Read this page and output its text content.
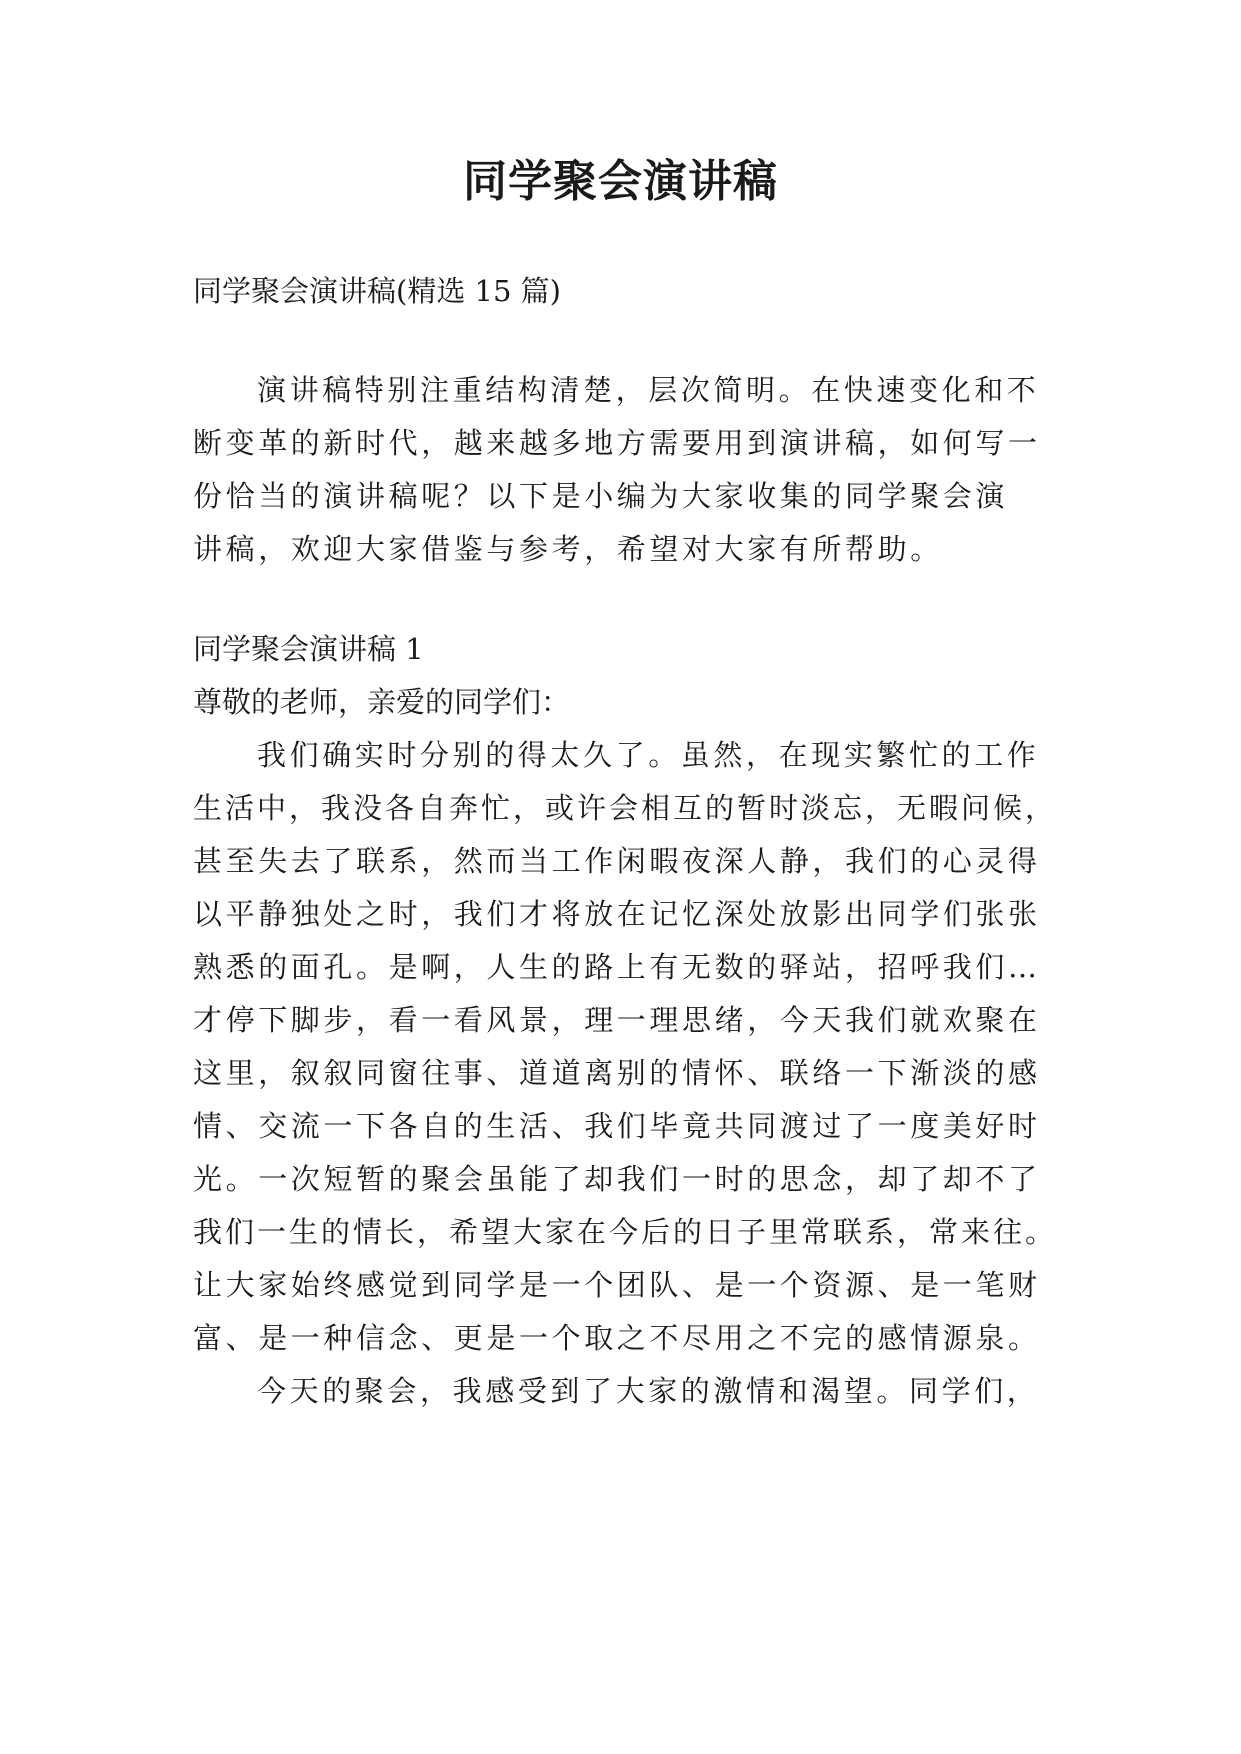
同学聚会演讲稿

同学聚会演讲稿(精选 15 篇)

演讲稿特别注重结构清楚，层次简明。在快速变化和不

断变革的新时代，越来越多地方需要用到演讲稿，如何写一

份恰当的演讲稿呢？以下是小编为大家收集的同学聚会演

讲稿，欢迎大家借鉴与参考，希望对大家有所帮助。

同学聚会演讲稿 1

尊敬的老师，亲爱的同学们：

我们确实时分别的得太久了。虽然，在现实繁忙的工作

生活中，我没各自奔忙，或许会相互的暂时淡忘，无暇问候，

甚至失去了联系，然而当工作闲暇夜深人静，我们的心灵得

以平静独处之时，我们才将放在记忆深处放影出同学们张张

熟悉的面孔。是啊，人生的路上有无数的驿站，招呼我们…

才停下脚步，看一看风景，理一理思绪，今天我们就欢聚在

这里，叙叙同窗往事、道道离别的情怀、联络一下渐淡的感

情、交流一下各自的生活、我们毕竟共同渡过了一度美好时

光。一次短暂的聚会虽能了却我们一时的思念，却了却不了

我们一生的情长，希望大家在今后的日子里常联系，常来往。

让大家始终感觉到同学是一个团队、是一个资源、是一笔财

富、是一种信念、更是一个取之不尽用之不完的感情源泉。

今天的聚会，我感受到了大家的激情和渴望。同学们，
